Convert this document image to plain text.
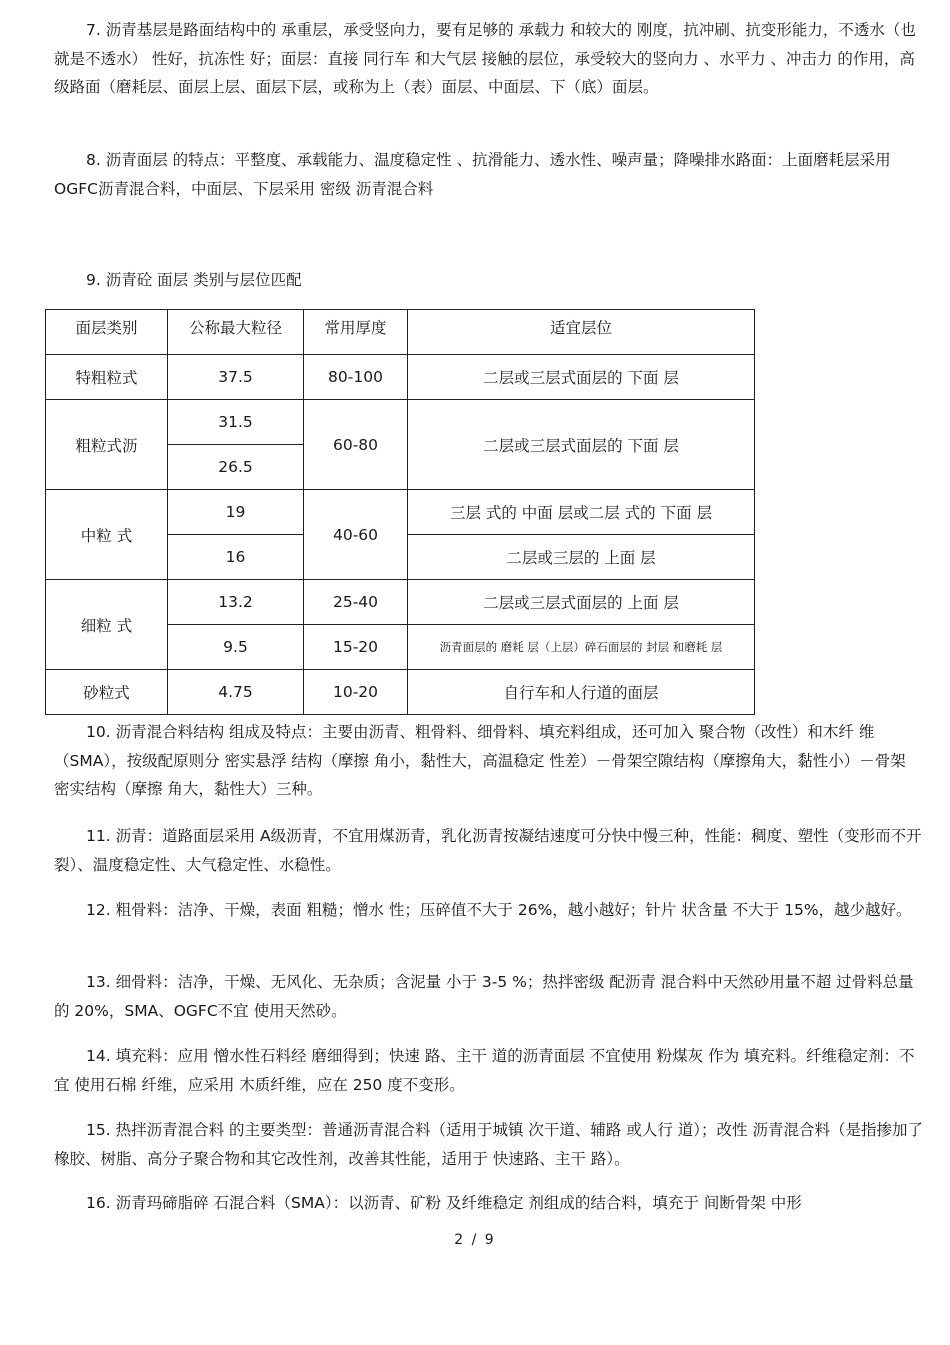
7. 沥青基层是路面结构中的 承重层，承受竖向力，要有足够的 承载力 和较大的 刚度，抗冲刷、抗变形能力，不透水（也就是不透水） 性好，抗冻性 好；面层：直接 同行车 和大气层 接触的层位，承受较大的竖向力 、水平力 、冲击力 的作用，高级路面（磨耗层、面层上层、面层下层，或称为上（表）面层、中面层、下（底）面层。

8. 沥青面层 的特点：平整度、承载能力、温度稳定性 、抗滑能力、透水性、噪声量；降噪排水路面：上面磨耗层采用 OGFC沥青混合料，中面层、下层采用 密级 沥青混合料

9. 沥青砼 面层 类别与层位匹配

面层类别	公称最大粒径	常用厚度	适宜层位
特粗粒式	37.5	80-100	二层或三层式面层的 下面 层
粗粒式沥	31.5	60-80	二层或三层式面层的 下面 层
	26.5		
中粒 式	19	40-60	三层 式的 中面 层或二层 式的 下面 层
	16		二层或三层的 上面 层
细粒 式	13.2	25-40	二层或三层式面层的 上面 层
	9.5	15-20	沥青面层的 磨耗 层（上层）碎石面层的 封层 和磨耗 层
砂粒式	4.75	10-20	自行车和人行道的面层

10. 沥青混合料结构 组成及特点：主要由沥青、粗骨料、细骨料、填充料组成，还可加入 聚合物（改性）和木纤 维（SMA），按级配原则分 密实悬浮 结构（摩擦 角小，黏性大，高温稳定 性差）－骨架空隙结构（摩擦角大，黏性小）－骨架 密实结构（摩擦 角大，黏性大）三种。

11. 沥青：道路面层采用 A级沥青，不宜用煤沥青，乳化沥青按凝结速度可分快中慢三种，性能：稠度、塑性（变形而不开裂）、温度稳定性、大气稳定性、水稳性。

12. 粗骨料：洁净、干燥，表面 粗糙；憎水 性；压碎值不大于 26%，越小越好；针片 状含量 不大于 15%，越少越好。

13. 细骨料：洁净，干燥、无风化、无杂质；含泥量 小于 3-5 %；热拌密级 配沥青 混合料中天然砂用量不超 过骨料总量的 20%，SMA、OGFC不宜 使用天然砂。

14. 填充料：应用 憎水性石料经 磨细得到；快速 路、主干 道的沥青面层 不宜使用 粉煤灰 作为 填充料。纤维稳定剂：不宜 使用石棉 纤维，应采用 木质纤维，应在 250 度不变形。

15. 热拌沥青混合料 的主要类型：普通沥青混合料（适用于城镇 次干道、辅路 或人行 道）；改性 沥青混合料（是指掺加了橡胶、树脂、高分子聚合物和其它改性剂，改善其性能，适用于 快速路、主干 路）。

16. 沥青玛碲脂碎 石混合料（SMA）：以沥青、矿粉 及纤维稳定 剂组成的结合料，填充于 间断骨架 中形

2 / 9
